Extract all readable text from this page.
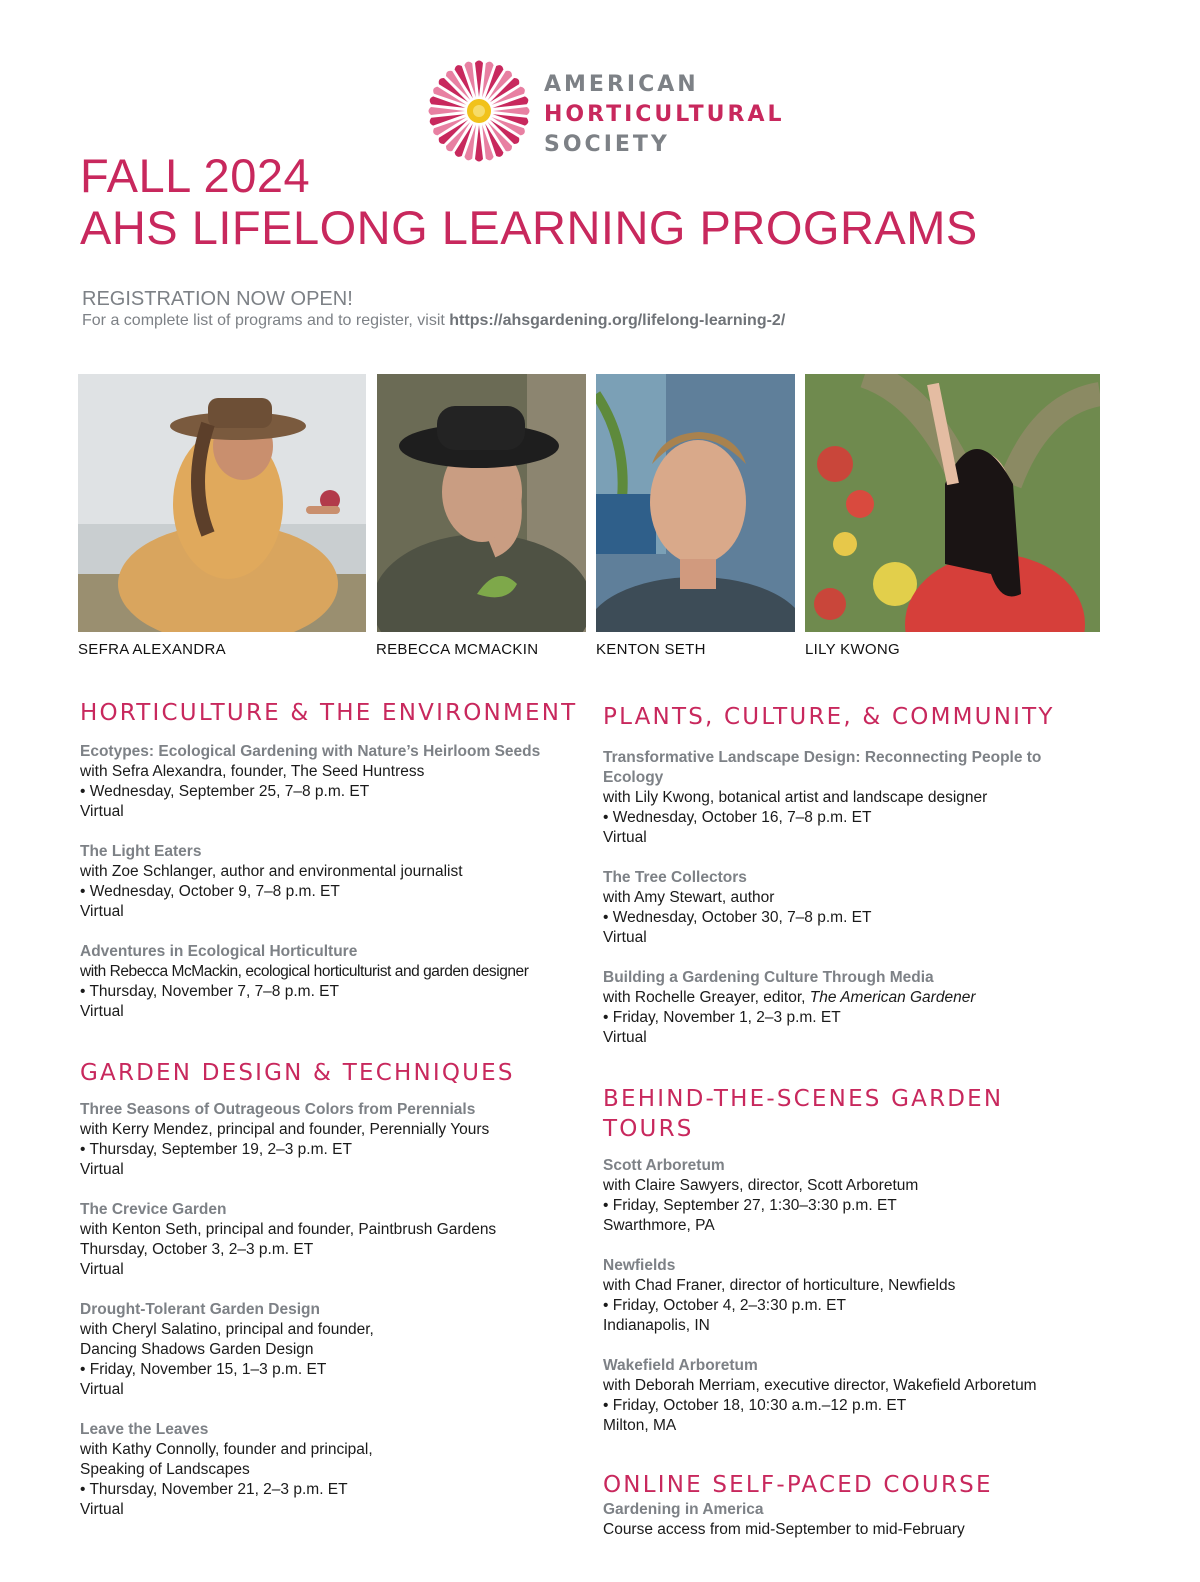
AMERICAN
HORTICULTURAL
SOCIETY
FALL 2024
AHS LIFELONG LEARNING PROGRAMS
REGISTRATION NOW OPEN!
For a complete list of programs and to register, visit https://ahsgardening.org/lifelong-learning-2/
SEFRA ALEXANDRA	REBECCA MCMACKIN	KENTON SETH	LILY KWONG
HORTICULTURE & THE ENVIRONMENT
Ecotypes: Ecological Gardening with Nature’s Heirloom Seeds
with Sefra Alexandra, founder, The Seed Huntress
• Wednesday, September 25, 7–8 p.m. ET
Virtual
The Light Eaters
with Zoe Schlanger, author and environmental journalist
• Wednesday, October 9, 7–8 p.m. ET
Virtual
Adventures in Ecological Horticulture
with Rebecca McMackin, ecological horticulturist and garden designer
• Thursday, November 7, 7–8 p.m. ET
Virtual
GARDEN DESIGN & TECHNIQUES
Three Seasons of Outrageous Colors from Perennials
with Kerry Mendez, principal and founder, Perennially Yours
• Thursday, September 19, 2–3 p.m. ET
Virtual
The Crevice Garden
with Kenton Seth, principal and founder, Paintbrush Gardens
Thursday, October 3, 2–3 p.m. ET
Virtual
Drought-Tolerant Garden Design
with Cheryl Salatino, principal and founder,
Dancing Shadows Garden Design
• Friday, November 15, 1–3 p.m. ET
Virtual
Leave the Leaves
with Kathy Connolly, founder and principal,
Speaking of Landscapes
• Thursday, November 21, 2–3 p.m. ET
Virtual
PLANTS, CULTURE, & COMMUNITY
Transformative Landscape Design: Reconnecting People to Ecology
with Lily Kwong, botanical artist and landscape designer
• Wednesday, October 16, 7–8 p.m. ET
Virtual
The Tree Collectors
with Amy Stewart, author
• Wednesday, October 30, 7–8 p.m. ET
Virtual
Building a Gardening Culture Through Media
with Rochelle Greayer, editor, The American Gardener
• Friday, November 1, 2–3 p.m. ET
Virtual
BEHIND-THE-SCENES GARDEN TOURS
Scott Arboretum
with Claire Sawyers, director, Scott Arboretum
• Friday, September 27, 1:30–3:30 p.m. ET
Swarthmore, PA
Newfields
with Chad Franer, director of horticulture, Newfields
• Friday, October 4, 2–3:30 p.m. ET
Indianapolis, IN
Wakefield Arboretum
with Deborah Merriam, executive director, Wakefield Arboretum
• Friday, October 18, 10:30 a.m.–12 p.m. ET
Milton, MA
ONLINE SELF-PACED COURSE
Gardening in America
Course access from mid-September to mid-February
